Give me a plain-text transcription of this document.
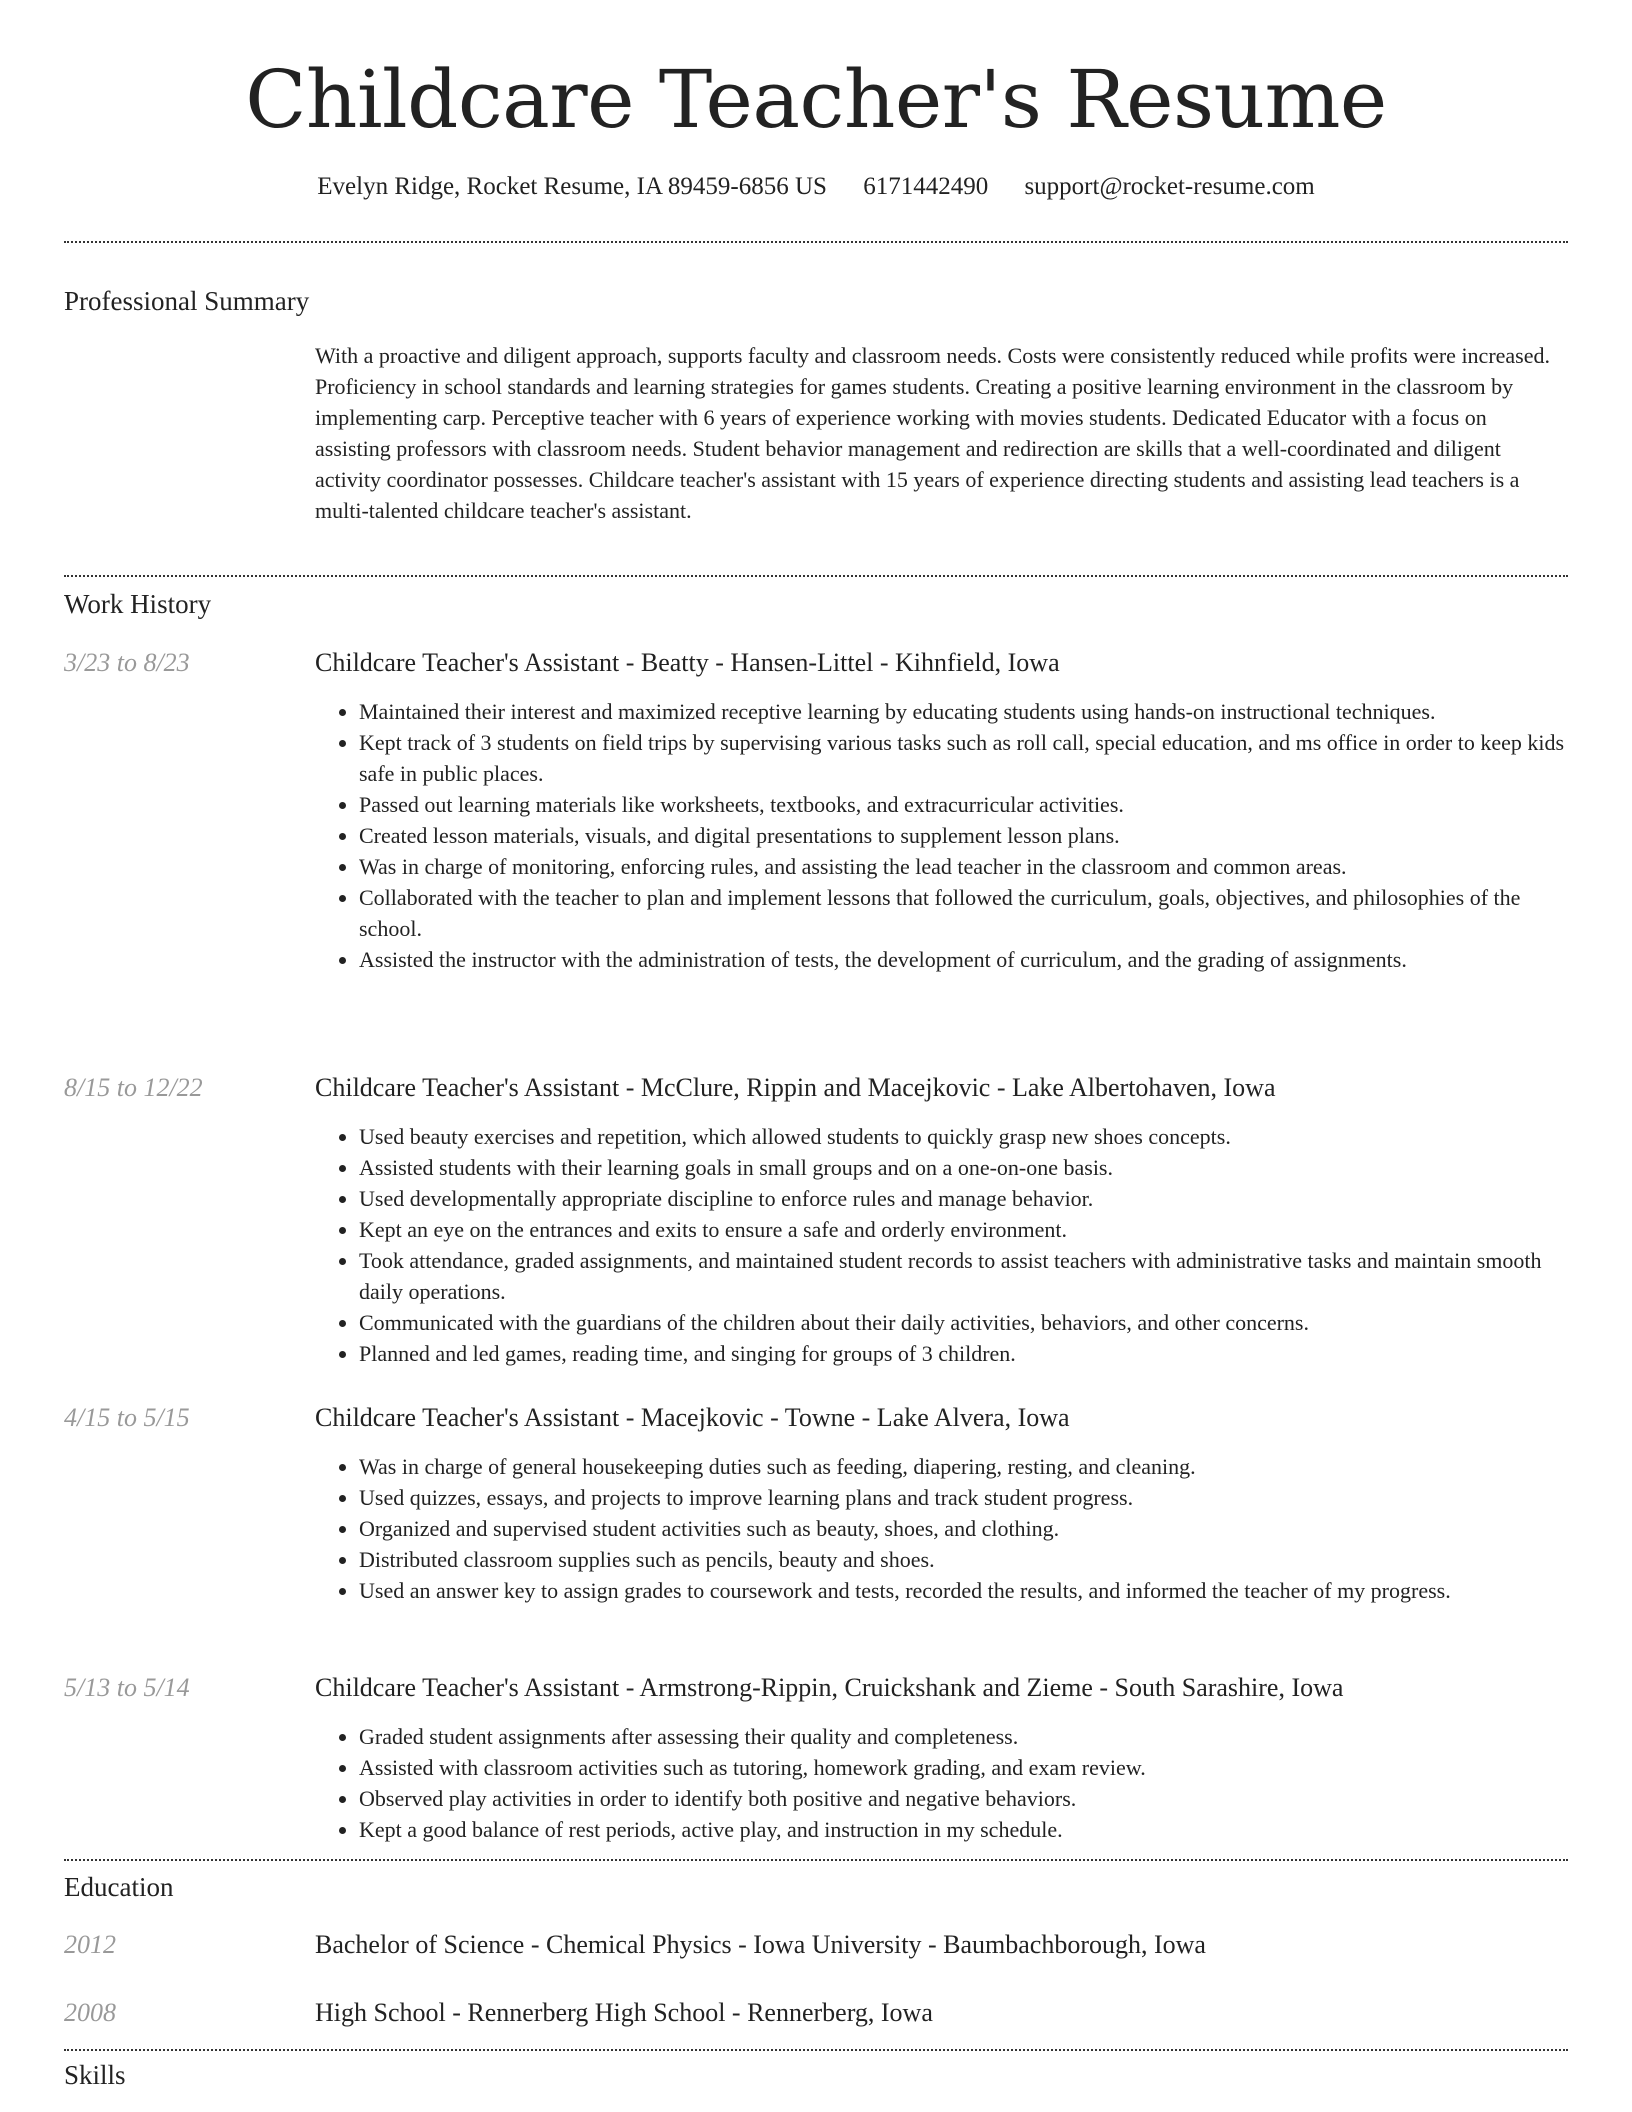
Childcare Teacher's Resume
Evelyn Ridge, Rocket Resume, IA 89459-6856 US 6171442490 support@rocket-resume.com
Professional Summary
With a proactive and diligent approach, supports faculty and classroom needs. Costs were consistently reduced while profits were increased. Proficiency in school standards and learning strategies for games students. Creating a positive learning environment in the classroom by implementing carp. Perceptive teacher with 6 years of experience working with movies students. Dedicated Educator with a focus on assisting professors with classroom needs. Student behavior management and redirection are skills that a well-coordinated and diligent activity coordinator possesses. Childcare teacher's assistant with 15 years of experience directing students and assisting lead teachers is a multi-talented childcare teacher's assistant.
Work History
3/23 to 8/23	Childcare Teacher's Assistant - Beatty - Hansen-Littel - Kihnfield, Iowa
• Maintained their interest and maximized receptive learning by educating students using hands-on instructional techniques.
• Kept track of 3 students on field trips by supervising various tasks such as roll call, special education, and ms office in order to keep kids safe in public places.
• Passed out learning materials like worksheets, textbooks, and extracurricular activities.
• Created lesson materials, visuals, and digital presentations to supplement lesson plans.
• Was in charge of monitoring, enforcing rules, and assisting the lead teacher in the classroom and common areas.
• Collaborated with the teacher to plan and implement lessons that followed the curriculum, goals, objectives, and philosophies of the school.
• Assisted the instructor with the administration of tests, the development of curriculum, and the grading of assignments.
8/15 to 12/22	Childcare Teacher's Assistant - McClure, Rippin and Macejkovic - Lake Albertohaven, Iowa
• Used beauty exercises and repetition, which allowed students to quickly grasp new shoes concepts.
• Assisted students with their learning goals in small groups and on a one-on-one basis.
• Used developmentally appropriate discipline to enforce rules and manage behavior.
• Kept an eye on the entrances and exits to ensure a safe and orderly environment.
• Took attendance, graded assignments, and maintained student records to assist teachers with administrative tasks and maintain smooth daily operations.
• Communicated with the guardians of the children about their daily activities, behaviors, and other concerns.
• Planned and led games, reading time, and singing for groups of 3 children.
4/15 to 5/15	Childcare Teacher's Assistant - Macejkovic - Towne - Lake Alvera, Iowa
• Was in charge of general housekeeping duties such as feeding, diapering, resting, and cleaning.
• Used quizzes, essays, and projects to improve learning plans and track student progress.
• Organized and supervised student activities such as beauty, shoes, and clothing.
• Distributed classroom supplies such as pencils, beauty and shoes.
• Used an answer key to assign grades to coursework and tests, recorded the results, and informed the teacher of my progress.
5/13 to 5/14	Childcare Teacher's Assistant - Armstrong-Rippin, Cruickshank and Zieme - South Sarashire, Iowa
• Graded student assignments after assessing their quality and completeness.
• Assisted with classroom activities such as tutoring, homework grading, and exam review.
• Observed play activities in order to identify both positive and negative behaviors.
• Kept a good balance of rest periods, active play, and instruction in my schedule.
Education
2012	Bachelor of Science - Chemical Physics - Iowa University - Baumbachborough, Iowa
2008	High School - Rennerberg High School - Rennerberg, Iowa
Skills
